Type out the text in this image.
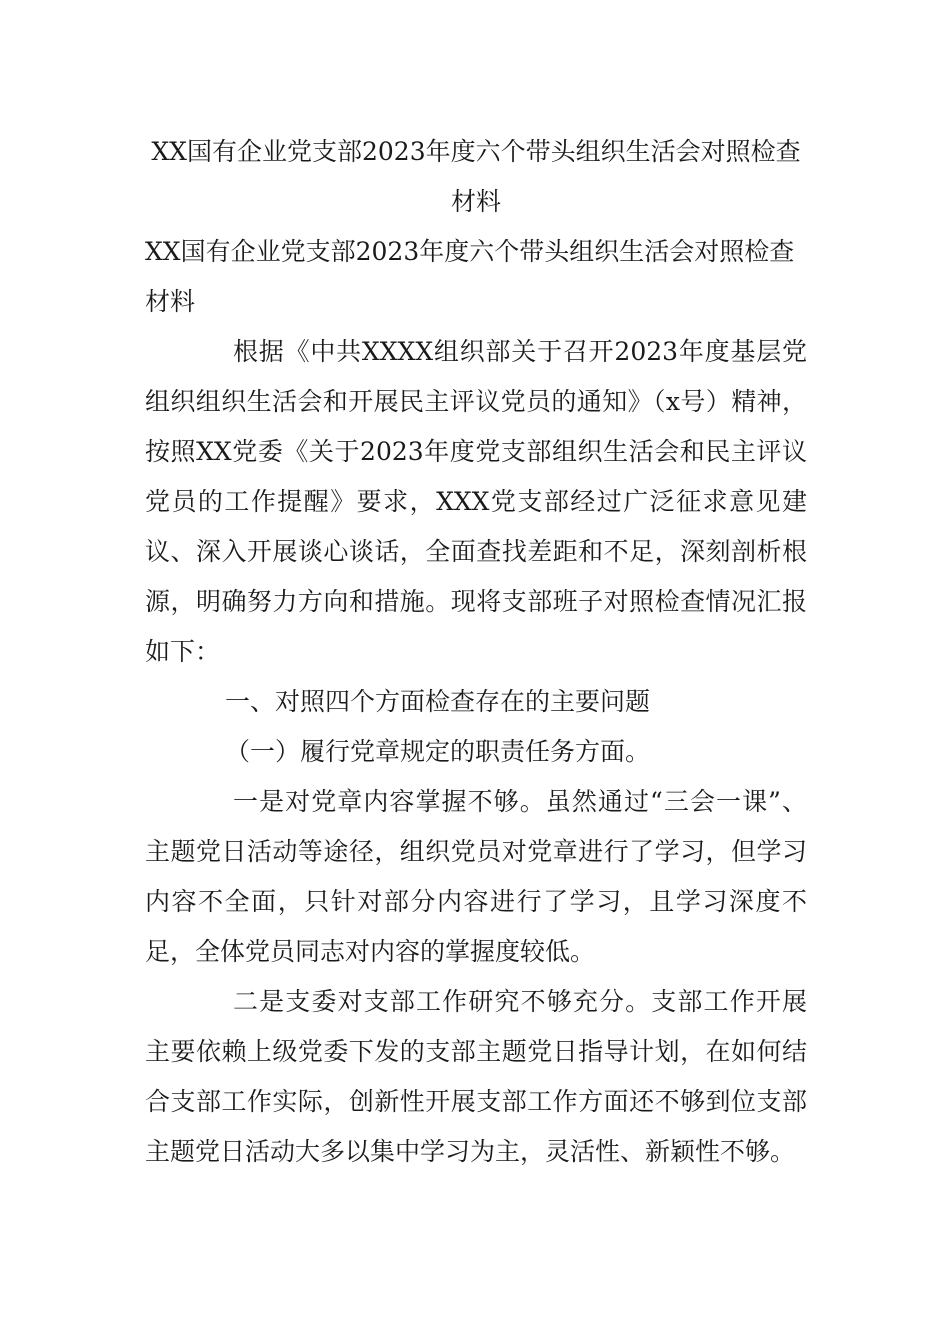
XX国有企业党支部2023年度六个带头组织生活会对照检查材料
XX国有企业党支部2023年度六个带头组织生活会对照检查材料

根据《中共XXXX组织部关于召开2023年度基层党组织组织生活会和开展民主评议党员的通知》（x号）精神，按照XX党委《关于2023年度党支部组织生活会和民主评议党员的工作提醒》要求，XXX党支部经过广泛征求意见建议、深入开展谈心谈话，全面查找差距和不足，深刻剖析根源，明确努力方向和措施。现将支部班子对照检查情况汇报如下：

一、对照四个方面检查存在的主要问题

（一）履行党章规定的职责任务方面。

一是对党章内容掌握不够。虽然通过“三会一课”、主题党日活动等途径，组织党员对党章进行了学习，但学习内容不全面，只针对部分内容进行了学习，且学习深度不足，全体党员同志对内容的掌握度较低。

二是支委对支部工作研究不够充分。支部工作开展主要依赖上级党委下发的支部主题党日指导计划，在如何结合支部工作实际，创新性开展支部工作方面还不够到位支部主题党日活动大多以集中学习为主，灵活性、新颖性不够。
